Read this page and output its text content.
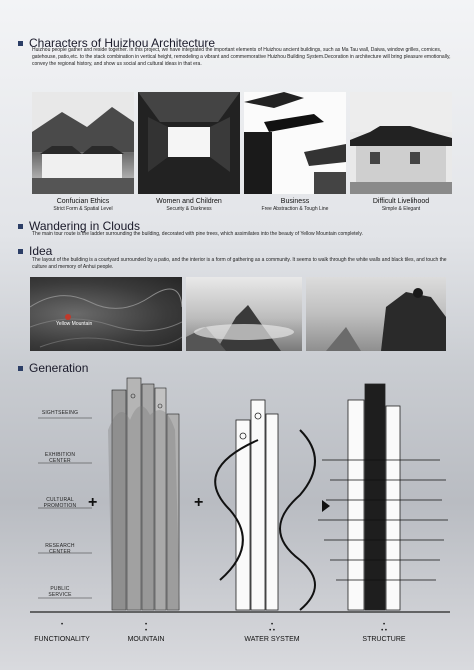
Characters of Huizhou Architecture
Huizhou people gather and reside together. In this project, we have integrated the important elements of Huizhou ancient buildings, such as Ma Tau wall, Daiwa, window grilles, cornices, gatehouse, patio,etc. to the stack combination in vertical height, remodeling a vibrant and commemorative Huizhou Building System.Decoration in architecture will bring pleasure emotionally, convey the regional history, and show us social and cultural ideas in that era.
Confucian Ethics
Strict Form & Spatial Level
Women and Children
Security & Darkness
Business
Free Abstraction & Tough Line
Difficult Livelihood
Simple & Elegant
Wandering in Clouds
The main tour route is the ladder surrounding the building, decorated with pine trees, which assimilates into the beauty of Yellow Mountain completely.
Idea
The layout of the building is a courtyard surrounded by a patio, and the interior is a form of gathering as a community. It seems to walk through the white walls and black tiles, and touch the culture and memory of Anhui people.
Yellow Mountain
Generation
SIGHTSEEING
EXHIBITION
CENTER
CULTURAL
PROMOTION
RESEARCH
CENTER
PUBLIC
SERVICE
+	+
•	•
•
•
• •
•
• •
FUNCTIONALITY	MOUNTAIN	WATER SYSTEM	STRUCTURE
